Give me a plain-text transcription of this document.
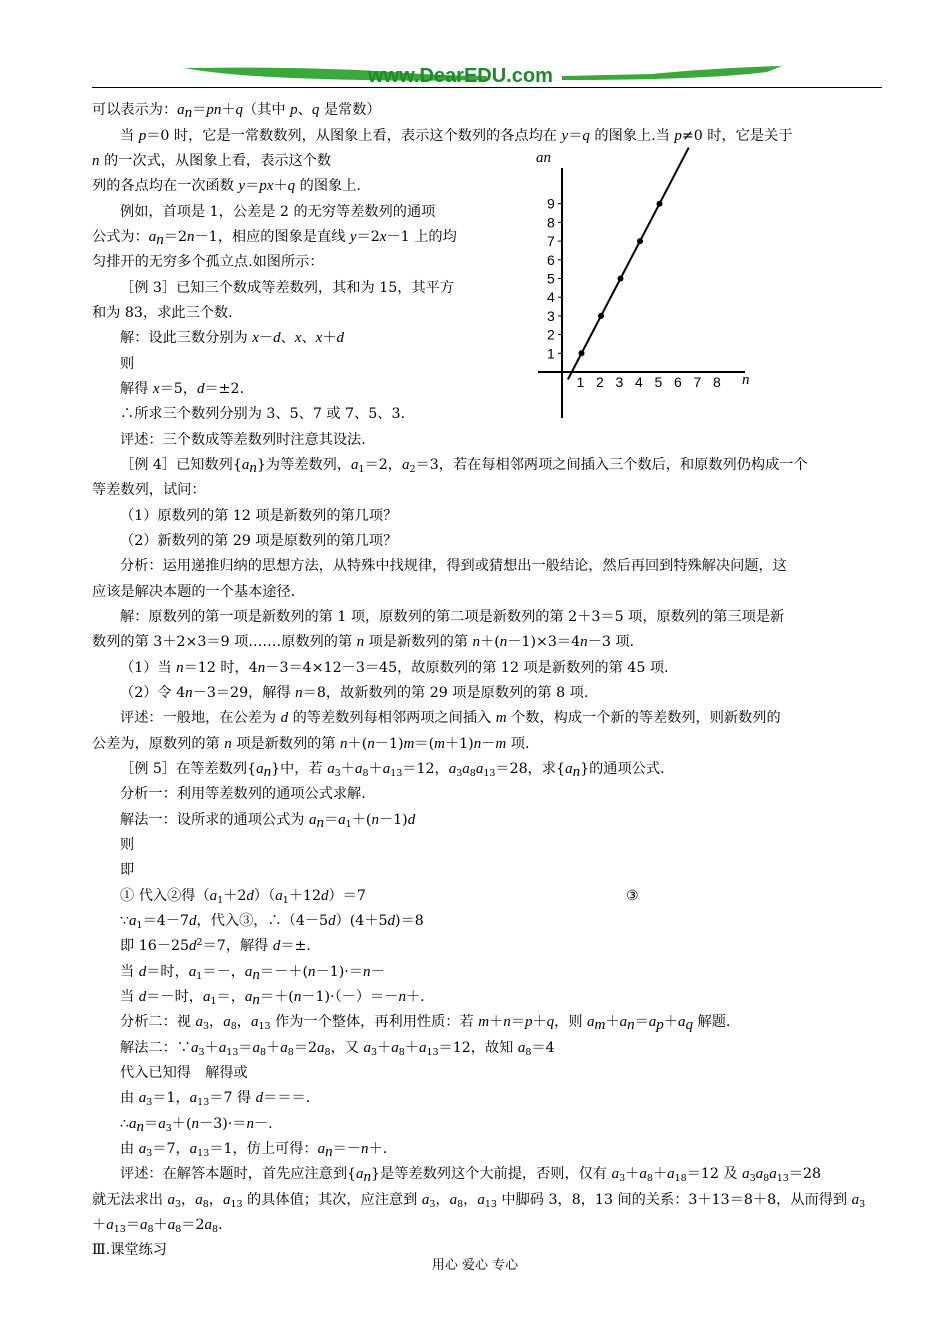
www.DearEDU.com
an
n
1 2 3 4 5 6 7 8
1
2
3
4
5
6
7
8
9
可以表示为：$a_n=pn+q$（其中 p、q 是常数）
当 p＝0 时，它是一常数数列，从图象上看，表示这个数列的各点均在 y＝q 的图象上.当 p≠0 时，它是关于
n 的一次式，从图象上看，表示这个数
列的各点均在一次函数 y＝px＋q 的图象上.
例如，首项是 1，公差是 2 的无穷等差数列的通项
公式为：$a_n=2n-1$，相应的图象是直线 y＝2x－1 上的均
匀排开的无穷多个孤立点.如图所示：
［例 3］已知三个数成等差数列，其和为 15，其平方
和为 83，求此三个数.
解：设此三数分别为 x－d、x、x＋d
则
解得 x＝5，d＝±2.
∴所求三个数列分别为 3、5、7 或 7、5、3.
评述：三个数成等差数列时注意其设法.
［例 4］已知数列$\{a_n\}$为等差数列，$a_1=2$，$a_2=3$，若在每相邻两项之间插入三个数后，和原数列仍构成一个
等差数列，试问：
（1）原数列的第 12 项是新数列的第几项？
（2）新数列的第 29 项是原数列的第几项？
分析：运用递推归纳的思想方法，从特殊中找规律，得到或猜想出一般结论，然后再回到特殊解决问题，这
应该是解决本题的一个基本途径.
解：原数列的第一项是新数列的第 1 项，原数列的第二项是新数列的第 2＋3＝5 项，原数列的第三项是新
数列的第 3＋2×3＝9 项.……原数列的第 n 项是新数列的第 n＋(n－1)×3＝4n－3 项.
（1）当 n＝12 时，4n－3＝4×12－3＝45，故原数列的第 12 项是新数列的第 45 项.
（2）令 4n－3＝29，解得 n＝8，故新数列的第 29 项是原数列的第 8 项.
评述：一般地，在公差为 d 的等差数列每相邻两项之间插入 m 个数，构成一个新的等差数列，则新数列的
公差为，原数列的第 n 项是新数列的第 n＋(n－1)m＝(m＋1)n－m 项.
［例 5］在等差数列$\{a_n\}$中，若 $a_3+a_8+a_{13}=12$，$a_3a_8a_{13}=28$，求$\{a_n\}$的通项公式.
分析一：利用等差数列的通项公式求解.
解法一：设所求的通项公式为 $a_n=a_1+(n-1)d$
则
即
① 代入②得$(a_1+2d)(a_1+12d)=7$	③
$\because a_1=4-7d$，代入③，∴（4－5d）(4＋5d)＝8
即 $16-25d^2=7$，解得 d＝±.
当 d＝时，$a_1=-$，$a_n=-+(n-1)\cdot=n-$
当 d＝－时，$a_1=$，$a_n=+(n-1)\cdot(-)=-n+$.
分析二：视 $a_3$，$a_8$，$a_{13}$ 作为一个整体，再利用性质：若 m＋n＝p＋q，则 $a_m+a_n=a_p+a_q$ 解题.
解法二：$\because a_3+a_{13}=a_8+a_8=2a_8$，又 $a_3+a_8+a_{13}=12$，故知 $a_8=4$
代入已知得　解得或
由 $a_3=1$，$a_{13}=7$ 得 d＝＝＝.
$\therefore a_n=a_3+(n-3)\cdot=n-$.
由 $a_3=7$，$a_{13}=1$，仿上可得：$a_n=-n+$.
评述：在解答本题时，首先应注意到$\{a_n\}$是等差数列这个大前提，否则，仅有 $a_3+a_8+a_{18}=12$ 及 $a_3a_8a_{13}=28$
就无法求出 $a_3$，$a_8$，$a_{13}$ 的具体值；其次，应注意到 $a_3$，$a_8$，$a_{13}$ 中脚码 3，8，13 间的关系：3＋13＝8＋8，从而得到 $a_3$
$+a_{13}=a_8+a_8=2a_8$.
Ⅲ.课堂练习
用心 爱心 专心
